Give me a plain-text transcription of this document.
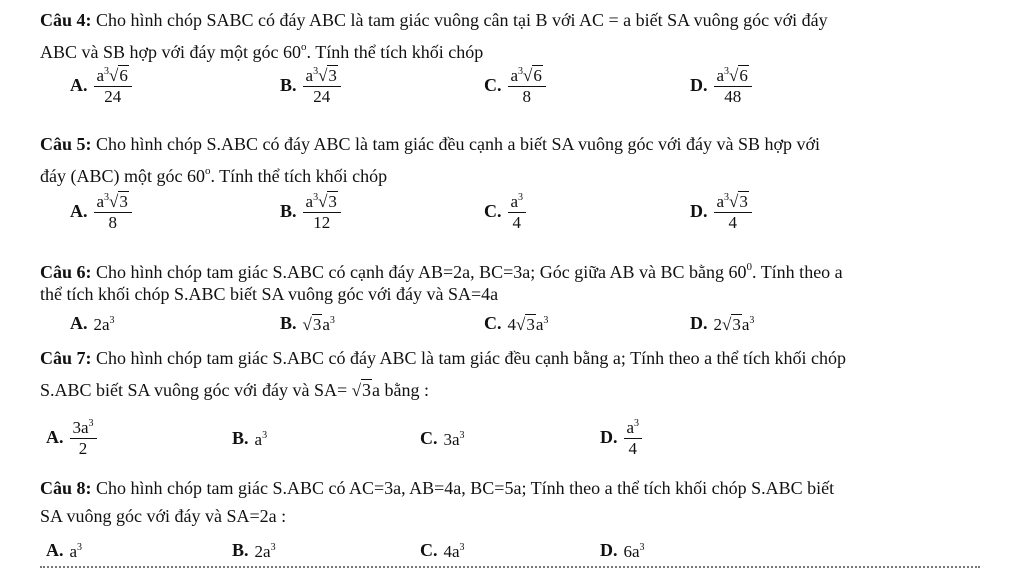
Câu 4: Cho hình chóp SABC có đáy ABC là tam giác vuông cân tại B với AC = a biết SA vuông góc với đáy
ABC và SB hợp với đáy một góc 60$^o$. Tính thể tích khối chóp
A. $\frac{a^3√6}{24}$	B. $\frac{a^3√3}{24}$	C. $\frac{a^3√6}{8}$	D. $\frac{a^3√6}{48}$
Câu 5: Cho hình chóp S.ABC có đáy ABC là tam giác đều cạnh a biết SA vuông góc với đáy và SB hợp với
đáy (ABC) một góc 60$^o$. Tính thể tích khối chóp
A. $\frac{a^3√3}{8}$	B. $\frac{a^3√3}{12}$	C. $\frac{a^3}{4}$	D. $\frac{a^3√3}{4}$
Câu 6: Cho hình chóp tam giác S.ABC có cạnh đáy AB=2a, BC=3a; Góc giữa AB và BC bằng $60^0$. Tính theo a
thể tích khối chóp S.ABC biết SA vuông góc với đáy và SA=4a
A. $2a^3$	B. $√3a^3$	C. $4√3a^3$	D. $2√3a^3$
Câu 7: Cho hình chóp tam giác S.ABC có đáy ABC là tam giác đều cạnh bằng a; Tính theo a thể tích khối chóp
S.ABC biết SA vuông góc với đáy và SA= √3a bằng :
A. $\frac{3a^3}{2}$	B. $a^3$	C. $3a^3$	D. $\frac{a^3}{4}$
Câu 8: Cho hình chóp tam giác S.ABC có AC=3a, AB=4a, BC=5a; Tính theo a thể tích khối chóp S.ABC biết
SA vuông góc với đáy và SA=2a :
A. $a^3$	B. $2a^3$	C. $4a^3$	D. $6a^3$
